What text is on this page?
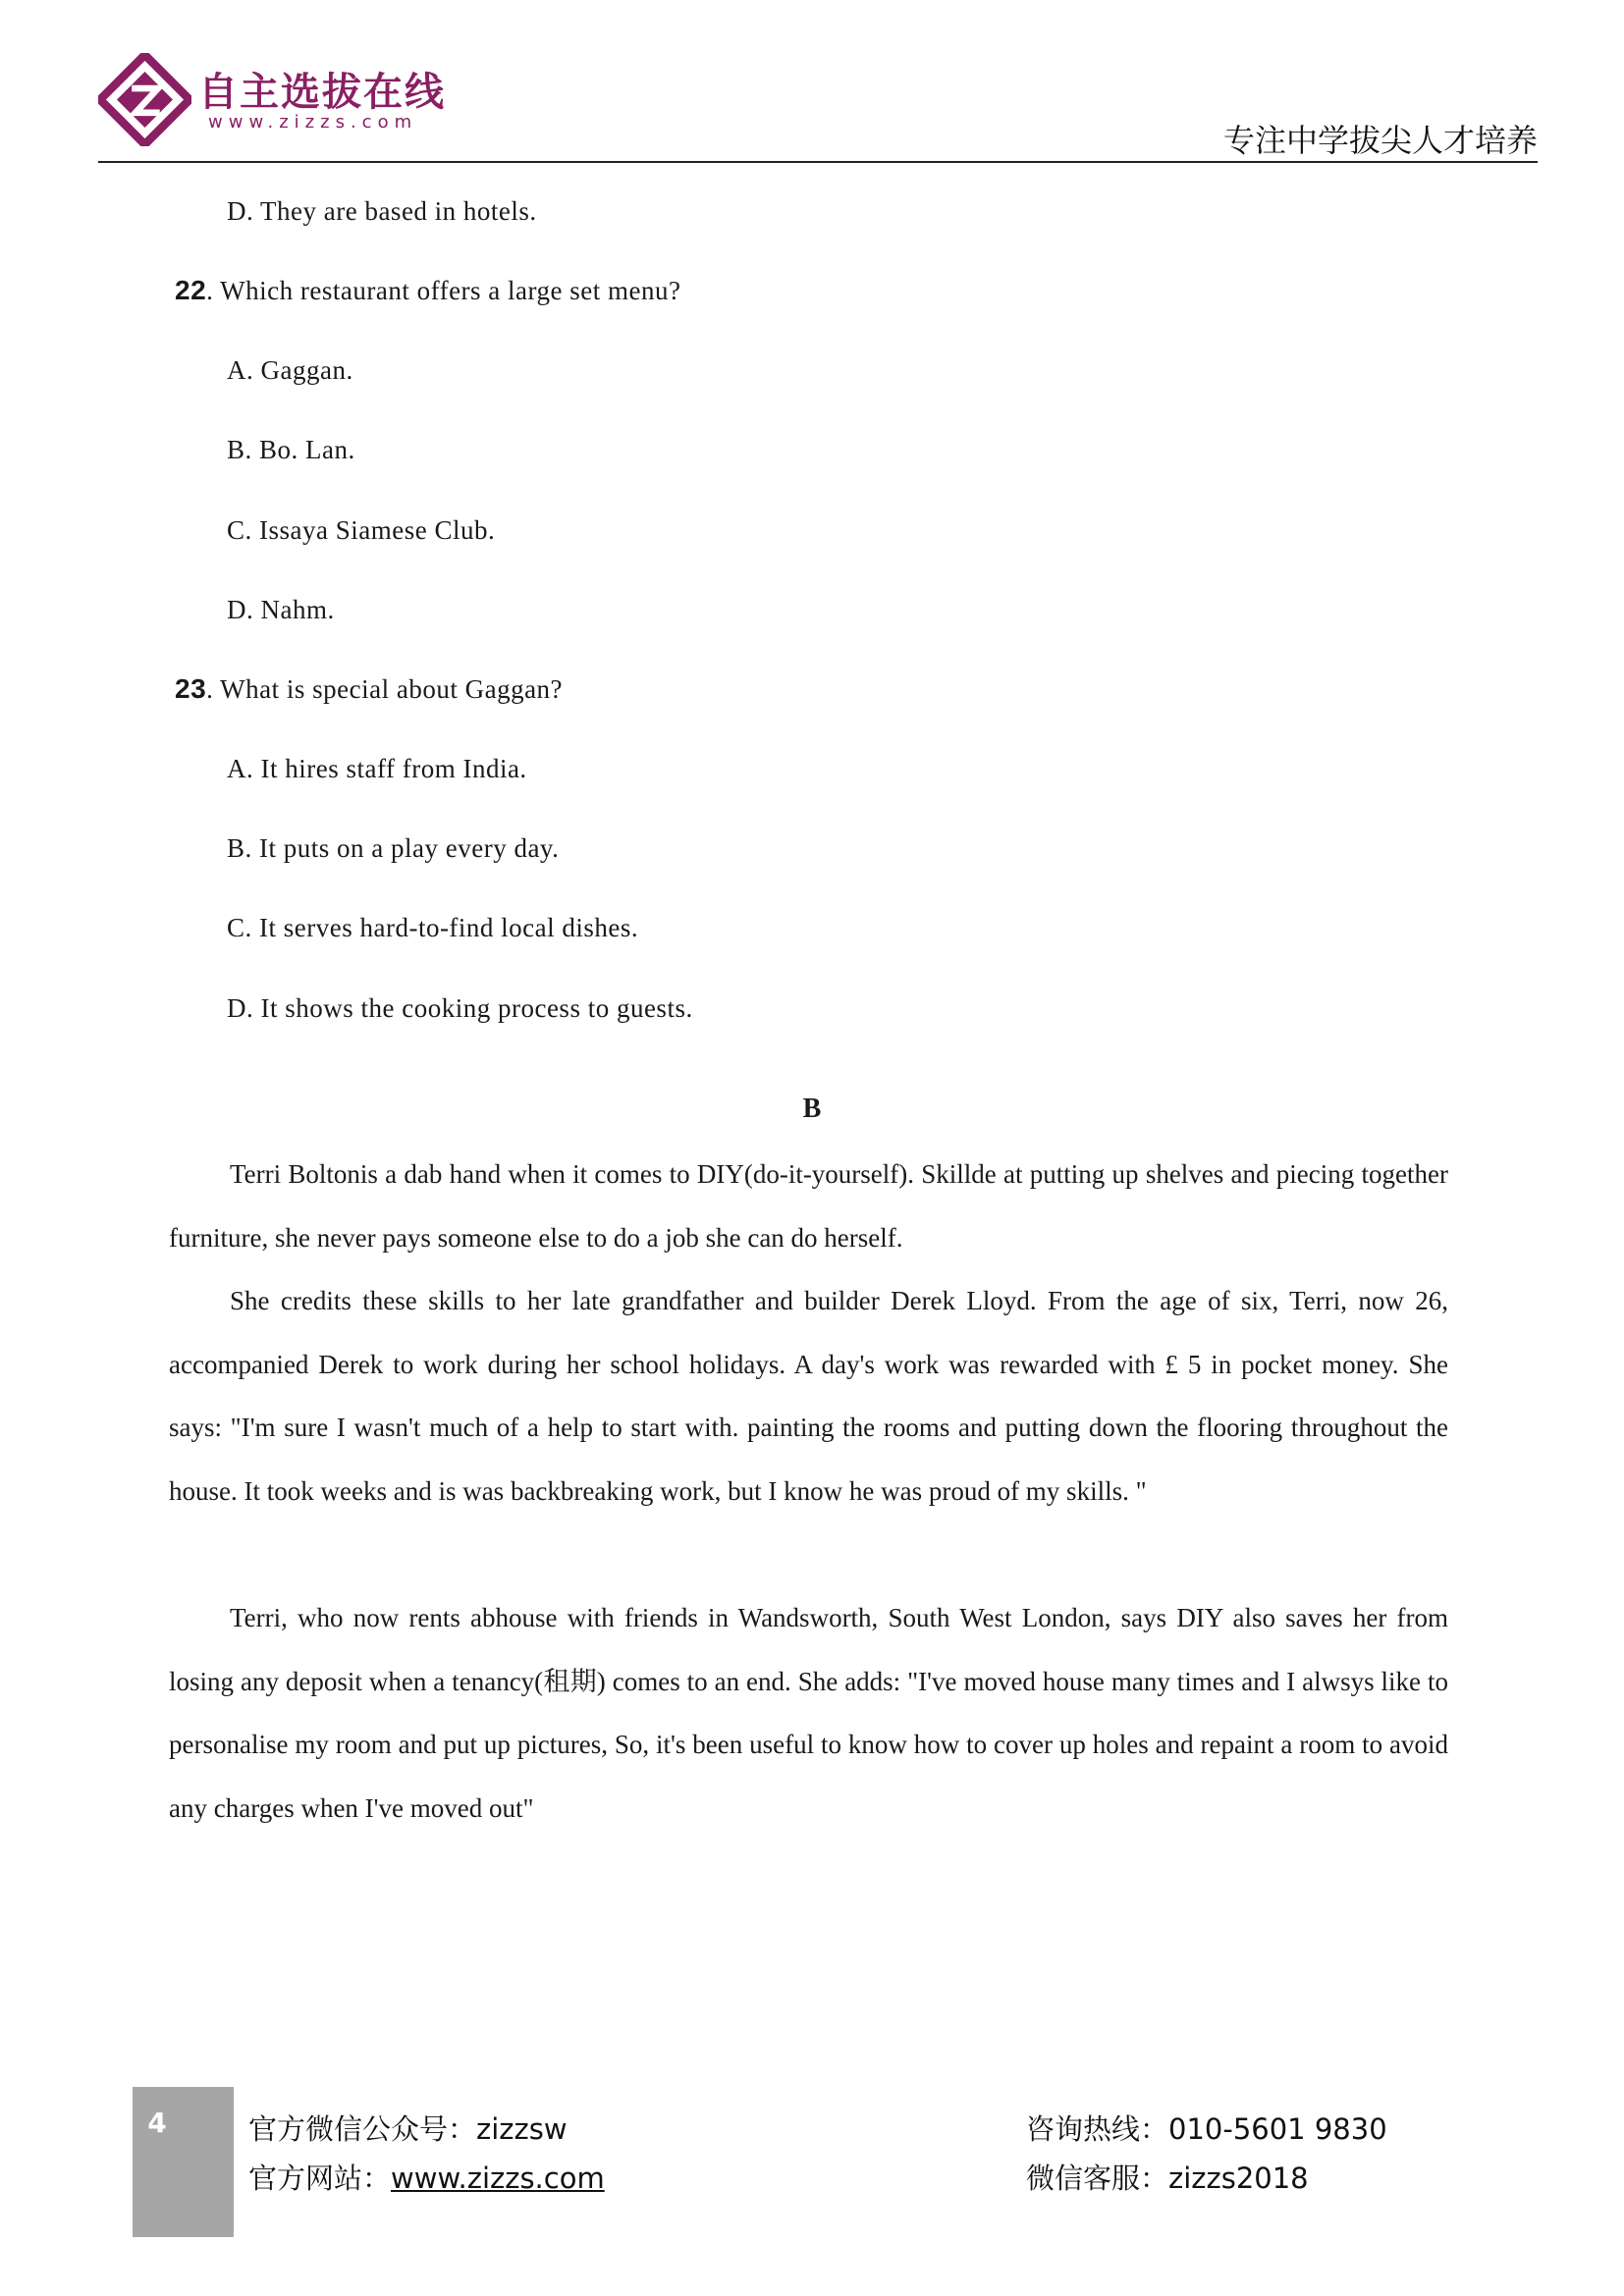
自主选拔在线
www.zizzs.com	专注中学拔尖人才培养
D. They are based in hotels.
22. Which restaurant offers a large set menu?
A. Gaggan.
B. Bo. Lan.
C. Issaya Siamese Club.
D. Nahm.
23. What is special about Gaggan?
A. It hires staff from India.
B. It puts on a play every day.
C. It serves hard-to-find local dishes.
D. It shows the cooking process to guests.
B

Terri Boltonis a dab hand when it comes to DIY(do-it-yourself). Skillde at putting up shelves and piecing together furniture, she never pays someone else to do a job she can do herself.

She credits these skills to her late grandfather and builder Derek Lloyd. From the age of six, Terri, now 26, accompanied Derek to work during her school holidays. A day's work was rewarded with £ 5 in pocket money. She says: "I'm sure I wasn't much of a help to start with. painting the rooms and putting down the flooring throughout the house. It took weeks and is was backbreaking work, but I know he was proud of my skills. "

Terri, who now rents abhouse with friends in Wandsworth, South West London, says DIY also saves her from losing any deposit when a tenancy(租期) comes to an end. She adds: "I've moved house many times and I alwsys like to personalise my room and put up pictures, So, it's been useful to know how to cover up holes and repaint a room to avoid any charges when I've moved out"

4	官方微信公众号：zizzsw
官方网站：www.zizzs.com
咨询热线：010-5601 9830
微信客服：zizzs2018
